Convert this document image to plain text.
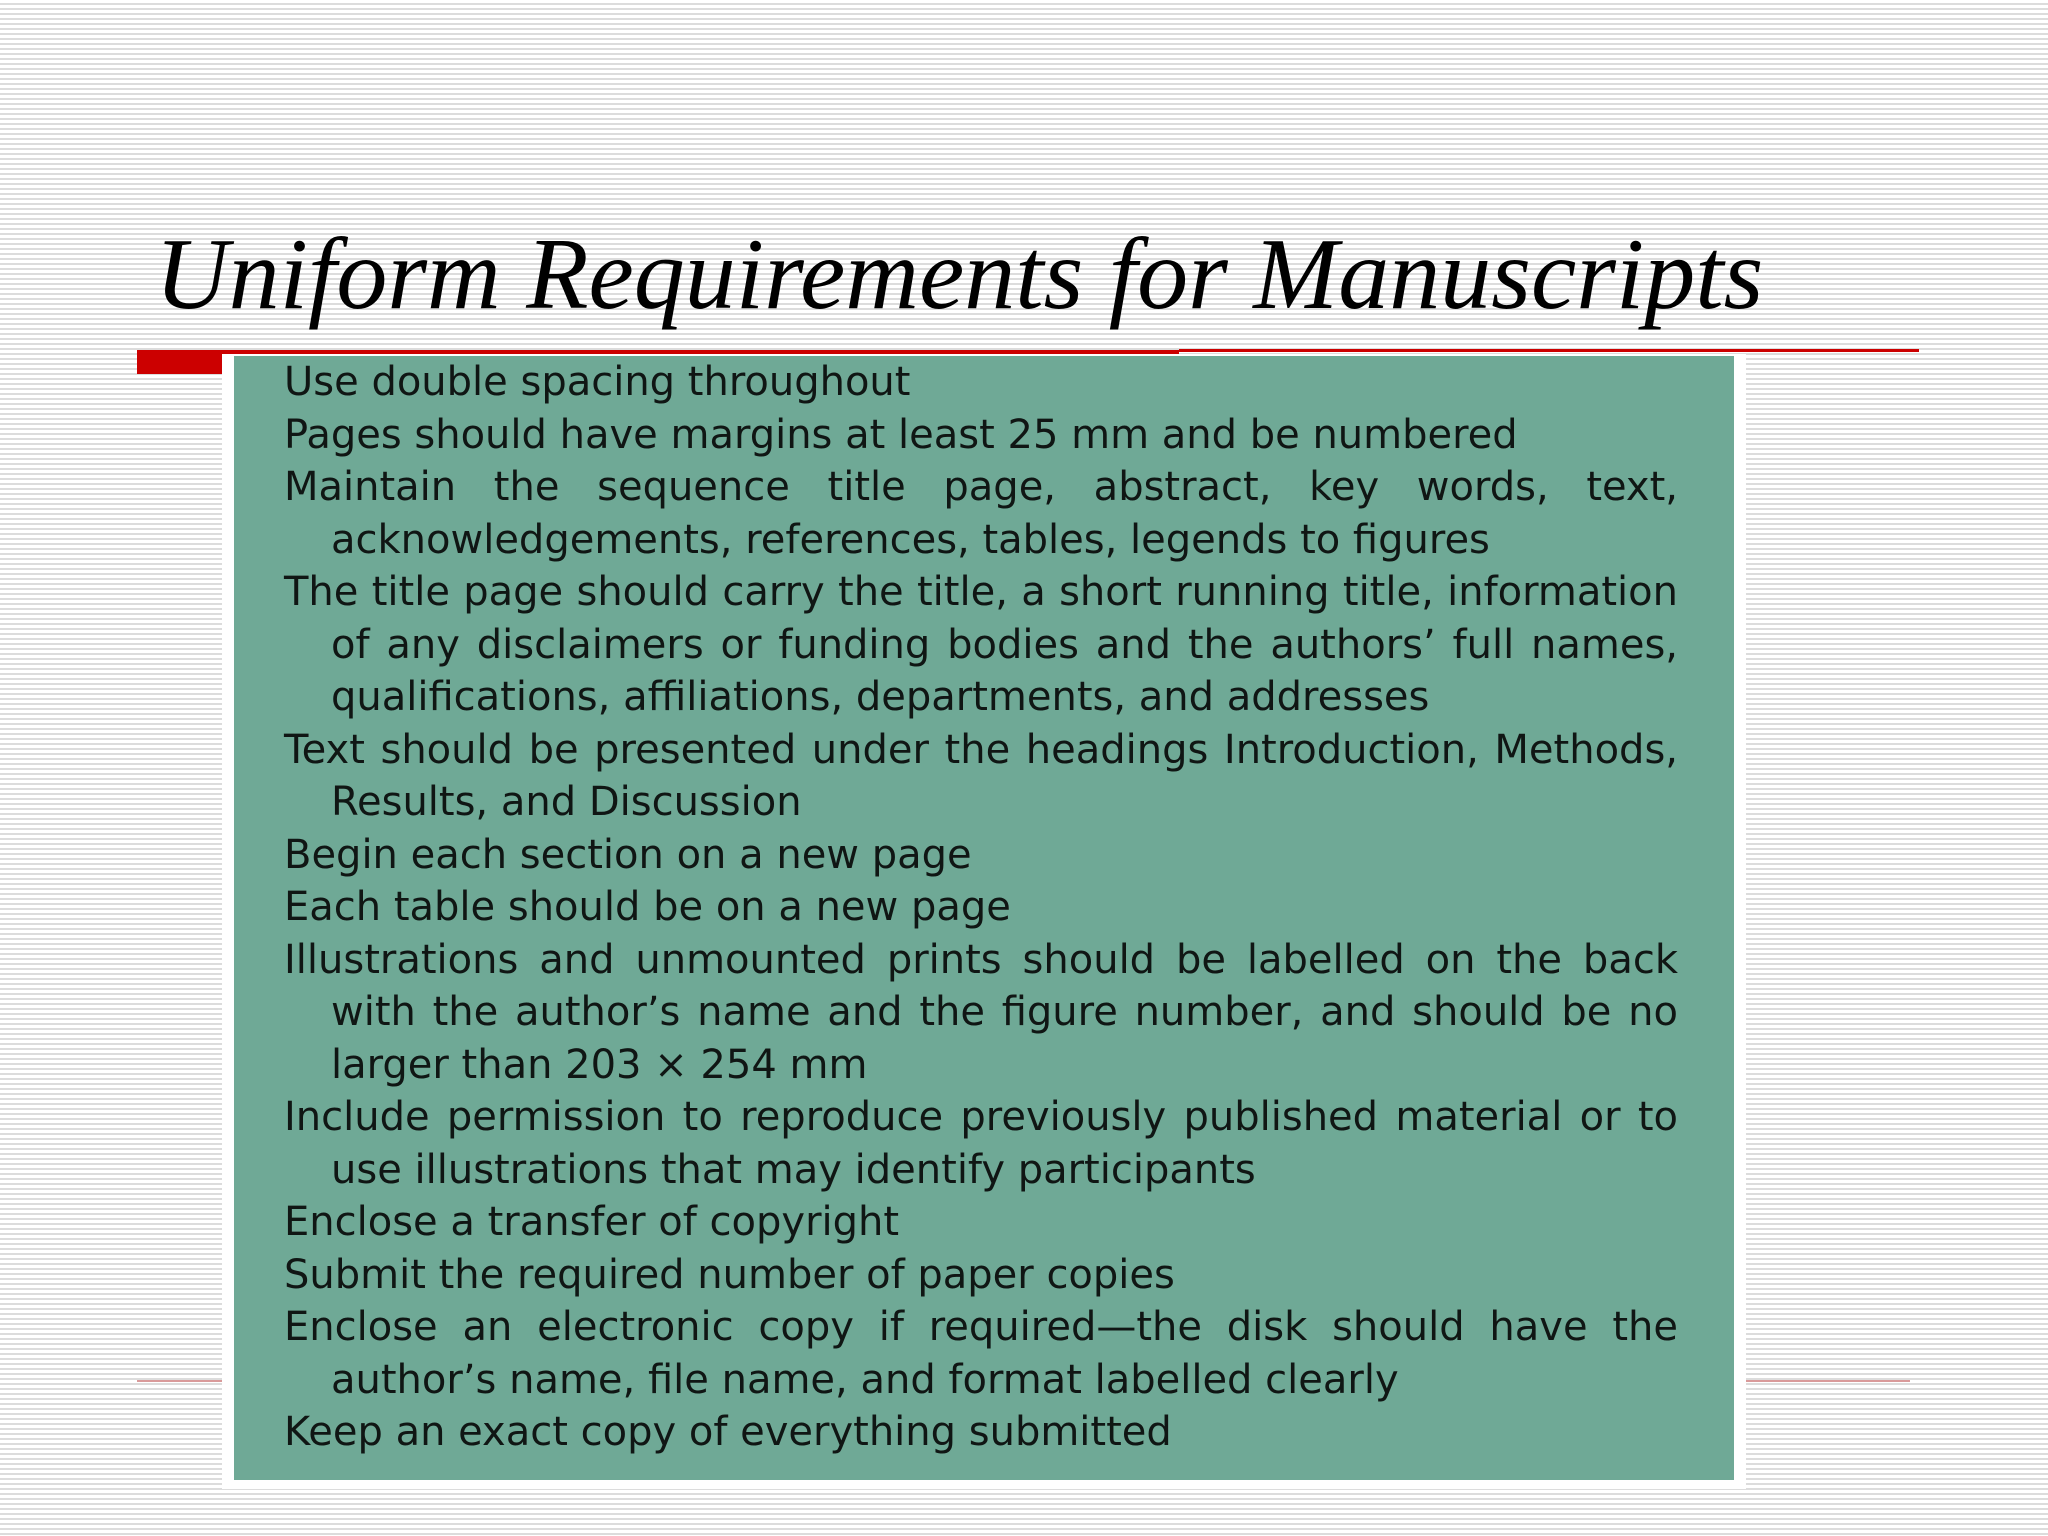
Uniform Requirements for Manuscripts
Use double spacing throughout
Pages should have margins at least 25 mm and be numbered
Maintain the sequence title page, abstract, key words, text, acknowledgements, references, tables, legends to figures
The title page should carry the title, a short running title, information of any disclaimers or funding bodies and the authors’ full names, qualifications, affiliations, departments, and addresses
Text should be presented under the headings Introduction, Methods, Results, and Discussion
Begin each section on a new page
Each table should be on a new page
Illustrations and unmounted prints should be labelled on the back with the author’s name and the figure number, and should be no larger than 203 × 254 mm
Include permission to reproduce previously published material or to use illustrations that may identify participants
Enclose a transfer of copyright
Submit the required number of paper copies
Enclose an electronic copy if required—the disk should have the author’s name, file name, and format labelled clearly
Keep an exact copy of everything submitted
